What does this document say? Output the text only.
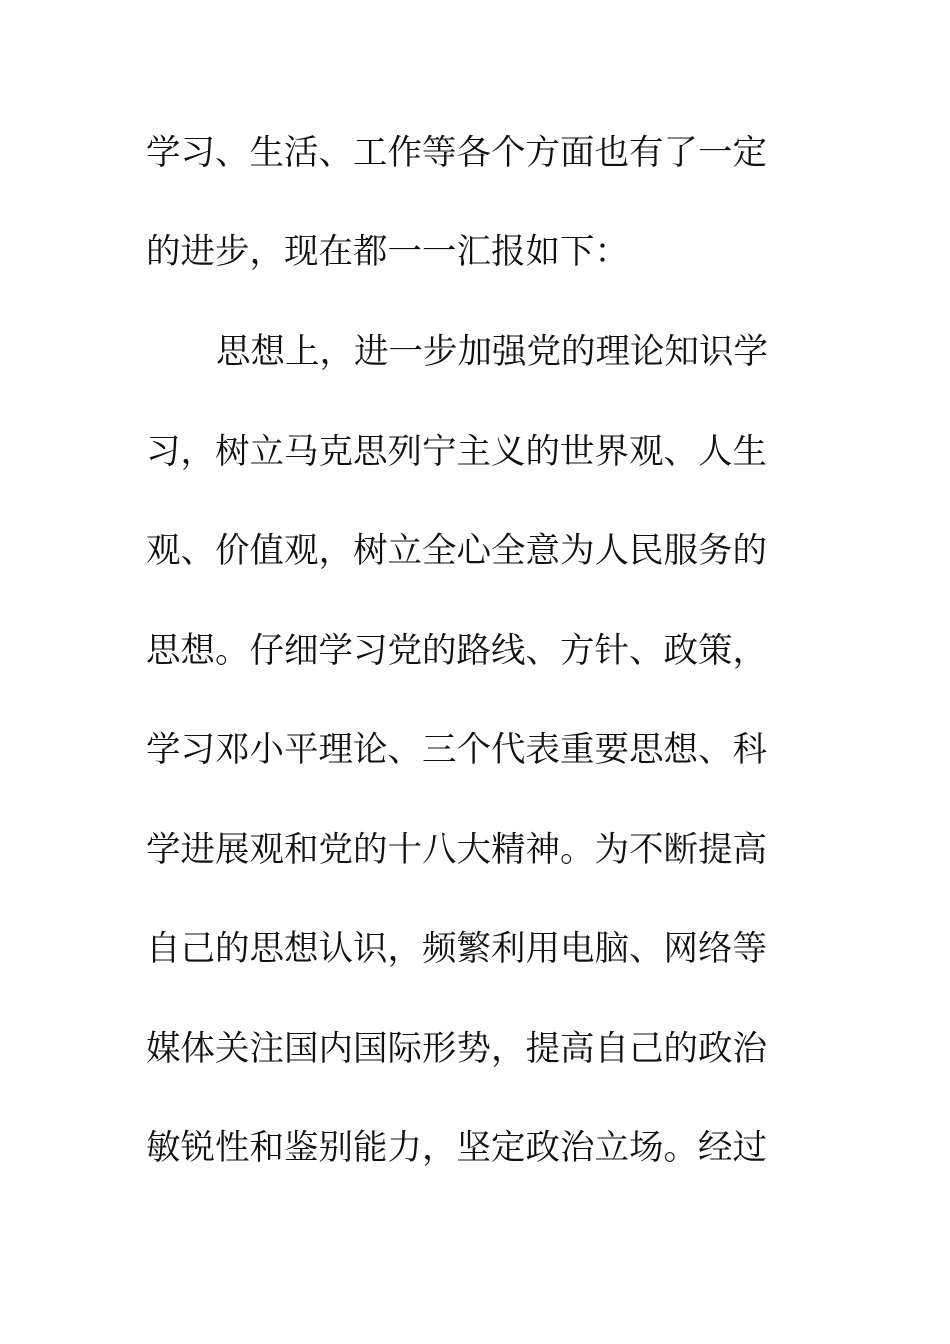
学习、生活、工作等各个方面也有了一定
的进步，现在都一一汇报如下：
思想上，进一步加强党的理论知识学
习，树立马克思列宁主义的世界观、人生
观、价值观，树立全心全意为人民服务的
思想。仔细学习党的路线、方针、政策，
学习邓小平理论、三个代表重要思想、科
学进展观和党的十八大精神。为不断提高
自己的思想认识，频繁利用电脑、网络等
媒体关注国内国际形势，提高自己的政治
敏锐性和鉴别能力，坚定政治立场。经过
